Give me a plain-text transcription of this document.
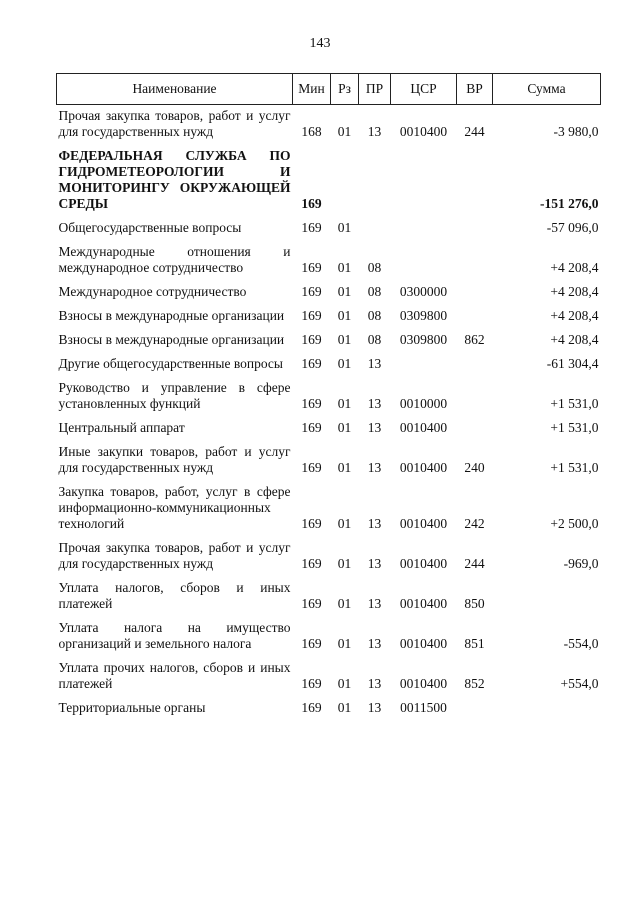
143
Наименование	Мин	Рз	ПР	ЦСР	ВР	Сумма
Прочая закупка товаров, работ и услуг для государственных нужд	168	01	13	0010400	244	-3 980,0
ФЕДЕРАЛЬНАЯ СЛУЖБА ПО ГИДРОМЕТЕОРОЛОГИИ И МОНИТОРИНГУ ОКРУЖАЮЩЕЙ СРЕДЫ	169					-151 276,0
Общегосударственные вопросы	169	01				-57 096,0
Международные отношения и международное сотрудничество	169	01	08			+4 208,4
Международное сотрудничество	169	01	08	0300000		+4 208,4
Взносы в международные организации	169	01	08	0309800		+4 208,4
Взносы в международные организации	169	01	08	0309800	862	+4 208,4
Другие общегосударственные вопросы	169	01	13			-61 304,4
Руководство и управление в сфере установленных функций	169	01	13	0010000		+1 531,0
Центральный аппарат	169	01	13	0010400		+1 531,0
Иные закупки товаров, работ и услуг для государственных нужд	169	01	13	0010400	240	+1 531,0
Закупка товаров, работ, услуг в сфере информационно-коммуникационных технологий	169	01	13	0010400	242	+2 500,0
Прочая закупка товаров, работ и услуг для государственных нужд	169	01	13	0010400	244	-969,0
Уплата налогов, сборов и иных платежей	169	01	13	0010400	850	
Уплата налога на имущество организаций и земельного налога	169	01	13	0010400	851	-554,0
Уплата прочих налогов, сборов и иных платежей	169	01	13	0010400	852	+554,0
Территориальные органы	169	01	13	0011500		
